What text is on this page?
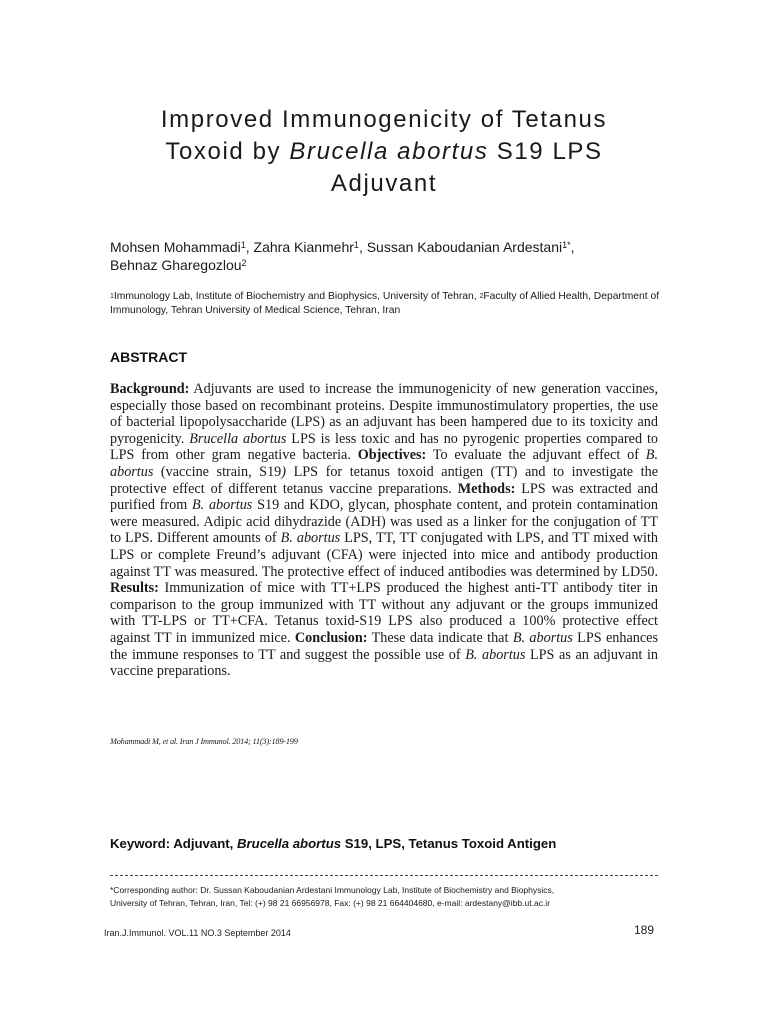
Improved Immunogenicity of Tetanus
Toxoid by Brucella abortus S19 LPS
Adjuvant
Mohsen Mohammadi$^1$, Zahra Kianmehr$^1$, Sussan Kaboudanian Ardestani$^{1*}$,
Behnaz Gharegozlou$^2$
$^1$Immunology Lab, Institute of Biochemistry and Biophysics, University of Tehran, $^2$Faculty of Allied Health, Department of Immunology, Tehran University of Medical Science, Tehran, Iran
ABSTRACT
Background: Adjuvants are used to increase the immunogenicity of new generation vaccines, especially those based on recombinant proteins. Despite immunostimulatory properties, the use of bacterial lipopolysaccharide (LPS) as an adjuvant has been hampered due to its toxicity and pyrogenicity. Brucella abortus LPS is less toxic and has no pyrogenic properties compared to LPS from other gram negative bacteria. Objectives: To evaluate the adjuvant effect of B. abortus (vaccine strain, S19) LPS for tetanus toxoid antigen (TT) and to investigate the protective effect of different tetanus vaccine preparations. Methods: LPS was extracted and purified from B. abortus S19 and KDO, glycan, phosphate content, and protein contamination were measured. Adipic acid dihydrazide (ADH) was used as a linker for the conjugation of TT to LPS. Different amounts of B. abortus LPS, TT, TT conjugated with LPS, and TT mixed with LPS or complete Freund’s adjuvant (CFA) were injected into mice and antibody production against TT was measured. The protective effect of induced antibodies was determined by LD50. Results: Immunization of mice with TT+LPS produced the highest anti-TT antibody titer in comparison to the group immunized with TT without any adjuvant or the groups immunized with TT-LPS or TT+CFA. Tetanus toxid-S19 LPS also produced a 100% protective effect against TT in immunized mice. Conclusion: These data indicate that B. abortus LPS enhances the immune responses to TT and suggest the possible use of B. abortus LPS as an adjuvant in vaccine preparations.
Mohammadi M, et al. Iran J Immunol. 2014; 11(3):189-199
Keyword: Adjuvant, Brucella abortus S19, LPS, Tetanus Toxoid Antigen
*Corresponding author: Dr. Sussan Kaboudanian Ardestani Immunology Lab, Institute of Biochemistry and Biophysics,
University of Tehran, Tehran, Iran, Tel: (+) 98 21 66956978, Fax: (+) 98 21 664404680, e-mail: ardestany@ibb.ut.ac.ir
Iran.J.Immunol. VOL.11 NO.3 September 2014	189
